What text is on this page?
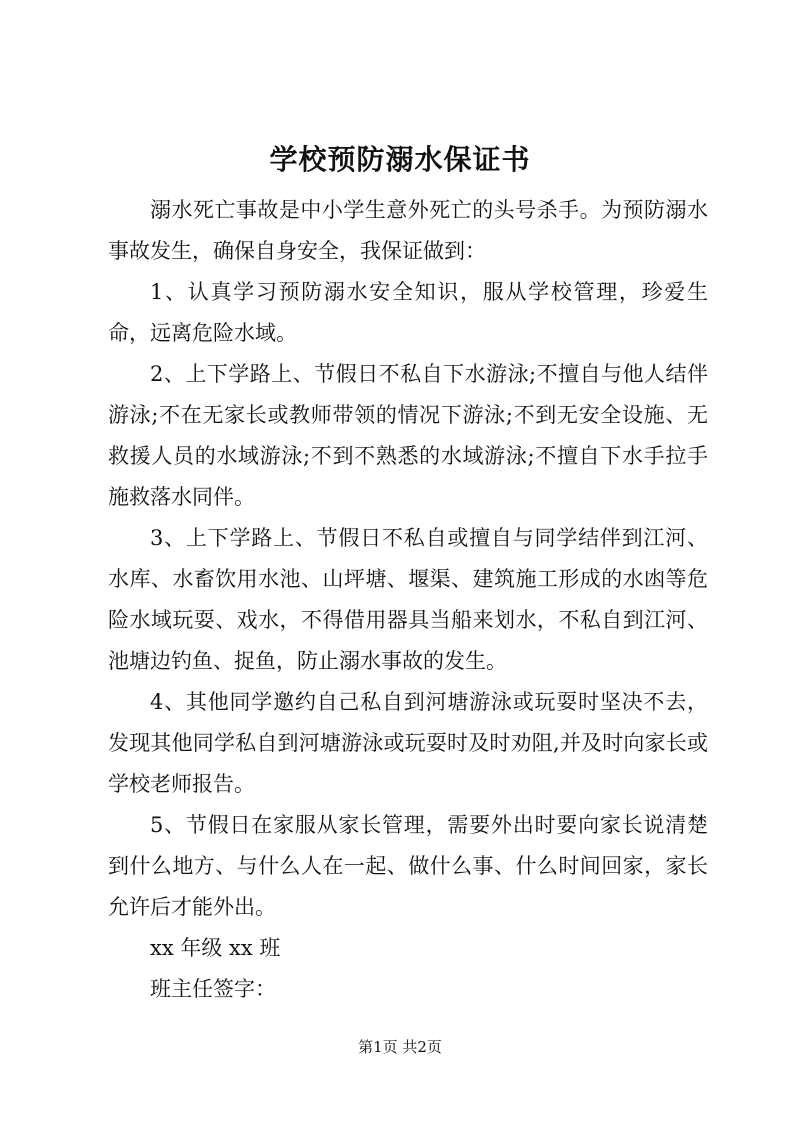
学校预防溺水保证书

溺水死亡事故是中小学生意外死亡的头号杀手。为预防溺水事故发生，确保自身安全，我保证做到：

1、认真学习预防溺水安全知识，服从学校管理，珍爱生命，远离危险水域。

2、上下学路上、节假日不私自下水游泳;不擅自与他人结伴游泳;不在无家长或教师带领的情况下游泳;不到无安全设施、无救援人员的水域游泳;不到不熟悉的水域游泳;不擅自下水手拉手施救落水同伴。

3、上下学路上、节假日不私自或擅自与同学结伴到江河、水库、水畜饮用水池、山坪塘、堰渠、建筑施工形成的水凼等危险水域玩耍、戏水，不得借用器具当船来划水，不私自到江河、池塘边钓鱼、捉鱼，防止溺水事故的发生。

4、其他同学邀约自己私自到河塘游泳或玩耍时坚决不去，发现其他同学私自到河塘游泳或玩耍时及时劝阻,并及时向家长或学校老师报告。

5、节假日在家服从家长管理，需要外出时要向家长说清楚到什么地方、与什么人在一起、做什么事、什么时间回家，家长允许后才能外出。

xx 年级 xx 班

班主任签字：

第1页 共2页
